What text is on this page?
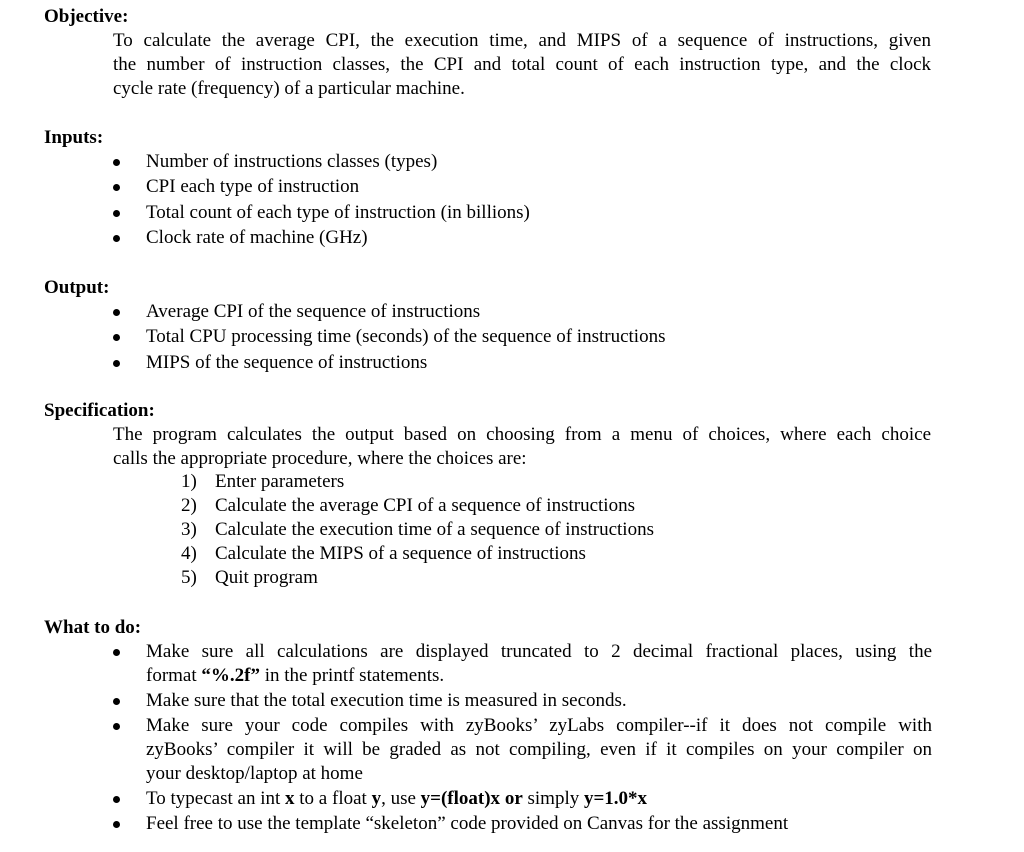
Objective:
To calculate the average CPI, the execution time, and MIPS of a sequence of instructions, given
the number of instruction classes, the CPI and total count of each instruction type, and the clock
cycle rate (frequency) of a particular machine.
Inputs:
Number of instructions classes (types)
CPI each type of instruction
Total count of each type of instruction (in billions)
Clock rate of machine (GHz)
Output:
Average CPI of the sequence of instructions
Total CPU processing time (seconds) of the sequence of instructions
MIPS of the sequence of instructions
Specification:
The program calculates the output based on choosing from a menu of choices, where each choice
calls the appropriate procedure, where the choices are:
1) Enter parameters
2) Calculate the average CPI of a sequence of instructions
3) Calculate the execution time of a sequence of instructions
4) Calculate the MIPS of a sequence of instructions
5) Quit program
What to do:
Make sure all calculations are displayed truncated to 2 decimal fractional places, using the
format “%.2f” in the printf statements.
Make sure that the total execution time is measured in seconds.
Make sure your code compiles with zyBooks’ zyLabs compiler--if it does not compile with
zyBooks’ compiler it will be graded as not compiling, even if it compiles on your compiler on
your desktop/laptop at home
To typecast an int x to a float y, use y=(float)x or simply y=1.0*x
Feel free to use the template “skeleton” code provided on Canvas for the assignment
